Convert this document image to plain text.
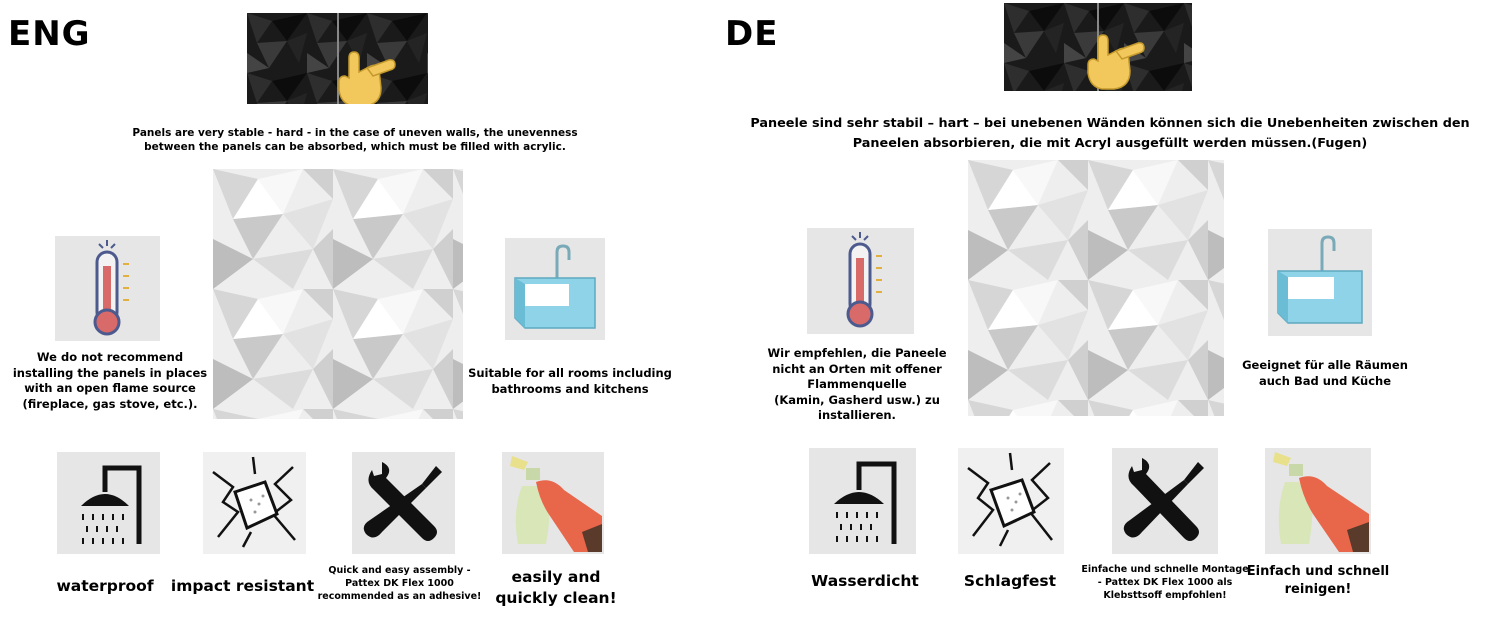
ENG
Panels are very stable - hard - in the case of uneven walls, the unevenness
between the panels can be absorbed, which must be filled with acrylic.
We do not recommend
installing the panels in places
with an open flame source
(fireplace, gas stove, etc.).
Suitable for all rooms including
bathrooms and kitchens
waterproof	impact resistant
Quick and easy assembly -
Pattex DK Flex 1000
recommended as an adhesive!
easily and
quickly clean!
DE
Paneele sind sehr stabil – hart – bei unebenen Wänden können sich die Unebenheiten zwischen den
Paneelen absorbieren, die mit Acryl ausgefüllt werden müssen.(Fugen)
Wir empfehlen, die Paneele
nicht an Orten mit offener
Flammenquelle
(Kamin, Gasherd usw.) zu
installieren.
Geeignet für alle Räumen
auch Bad und Küche
Wasserdicht	Schlagfest
Einfache und schnelle Montage
- Pattex DK Flex 1000 als
Klebsttsoff empfohlen!
Einfach und schnell
reinigen!
